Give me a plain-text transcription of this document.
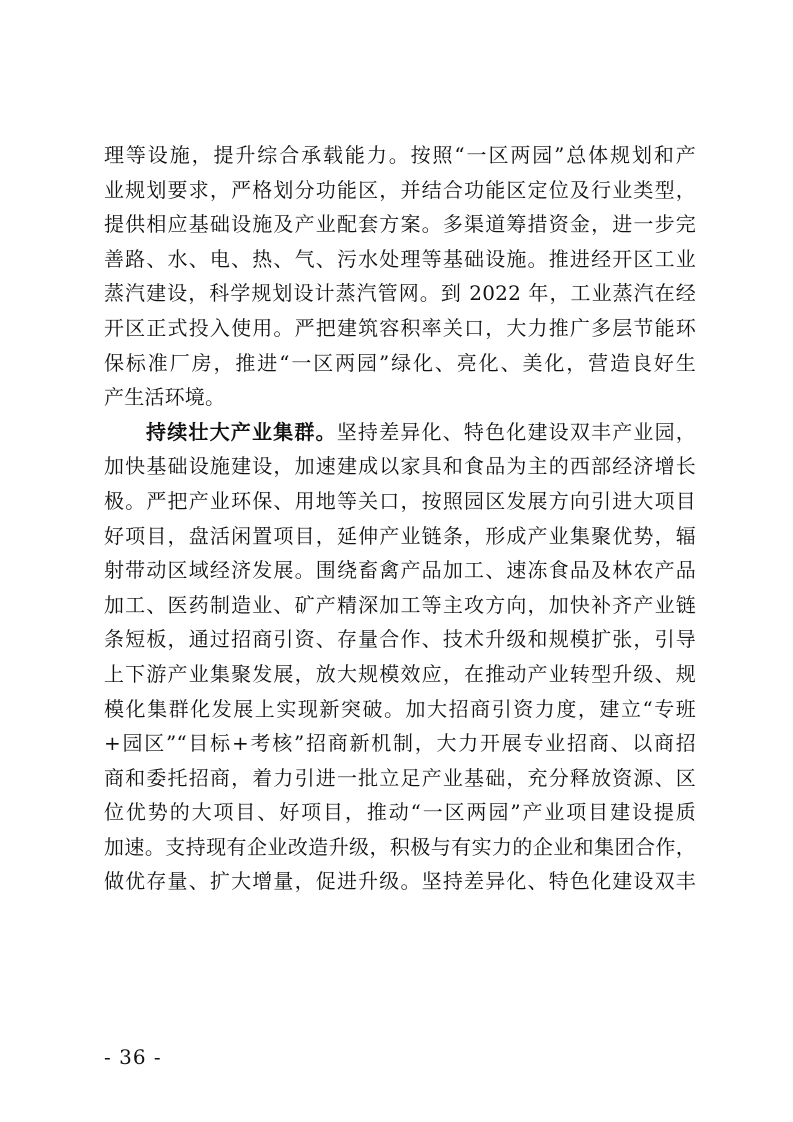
理等设施，提升综合承载能力。按照“一区两园”总体规划和产
业规划要求，严格划分功能区，并结合功能区定位及行业类型，
提供相应基础设施及产业配套方案。多渠道筹措资金，进一步完
善路、水、电、热、气、污水处理等基础设施。推进经开区工业
蒸汽建设，科学规划设计蒸汽管网。到 2022 年，工业蒸汽在经
开区正式投入使用。严把建筑容积率关口，大力推广多层节能环
保标准厂房，推进“一区两园”绿化、亮化、美化，营造良好生
产生活环境。
持续壮大产业集群。坚持差异化、特色化建设双丰产业园，
加快基础设施建设，加速建成以家具和食品为主的西部经济增长
极。严把产业环保、用地等关口，按照园区发展方向引进大项目
好项目，盘活闲置项目，延伸产业链条，形成产业集聚优势，辐
射带动区域经济发展。围绕畜禽产品加工、速冻食品及林农产品
加工、医药制造业、矿产精深加工等主攻方向，加快补齐产业链
条短板，通过招商引资、存量合作、技术升级和规模扩张，引导
上下游产业集聚发展，放大规模效应，在推动产业转型升级、规
模化集群化发展上实现新突破。加大招商引资力度，建立“专班
+园区”“目标+考核”招商新机制，大力开展专业招商、以商招
商和委托招商，着力引进一批立足产业基础，充分释放资源、区
位优势的大项目、好项目，推动“一区两园”产业项目建设提质
加速。支持现有企业改造升级，积极与有实力的企业和集团合作，
做优存量、扩大增量，促进升级。坚持差异化、特色化建设双丰
- 36 -
